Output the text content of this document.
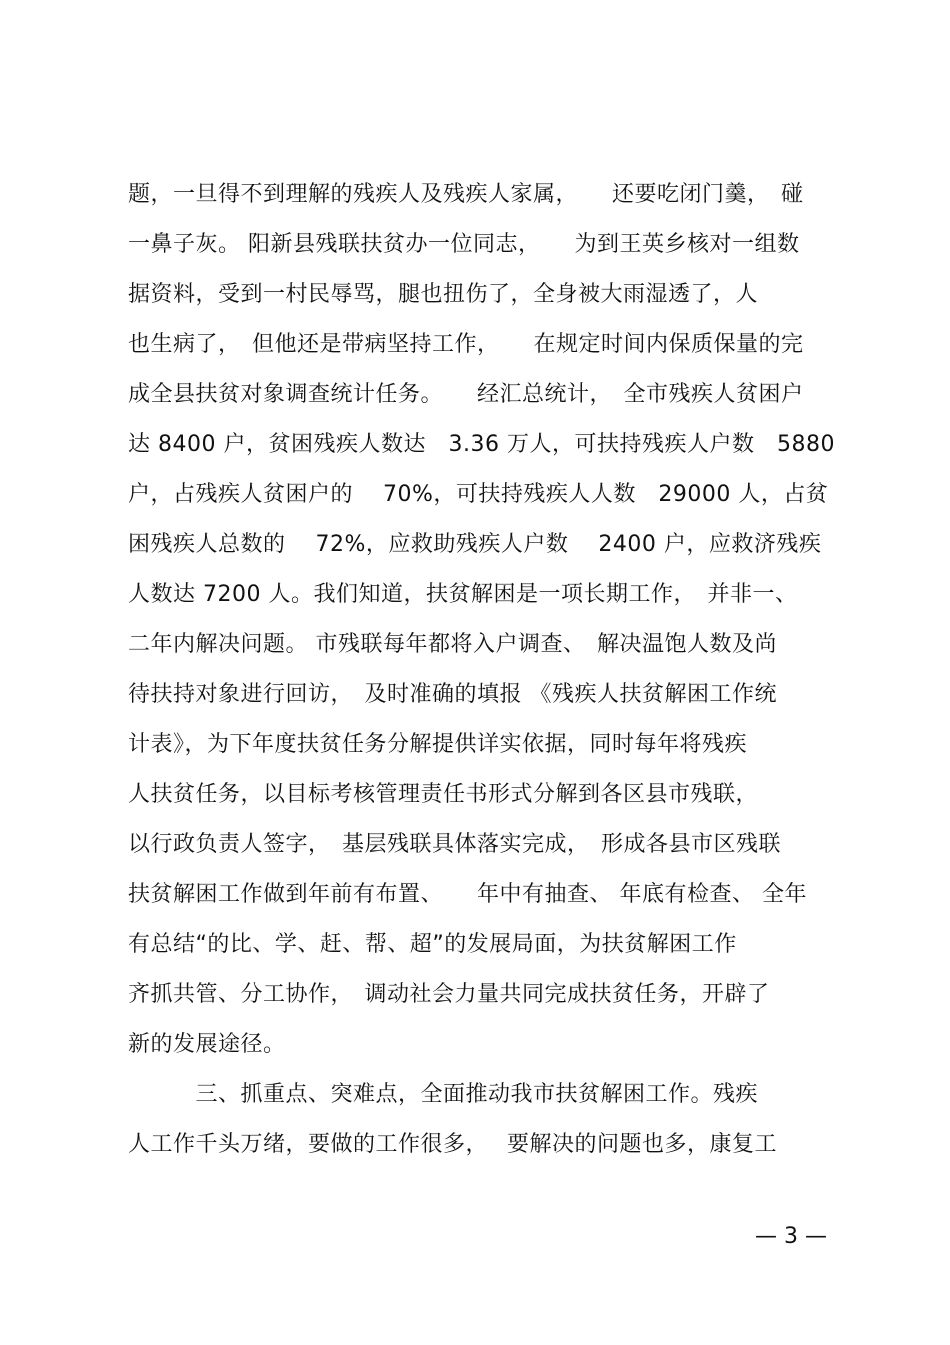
题，一旦得不到理解的残疾人及残疾人家属，　　还要吃闭门羹，　碰
一鼻子灰。 阳新县残联扶贫办一位同志，　　为到王英乡核对一组数
据资料，受到一村民辱骂，腿也扭伤了，全身被大雨湿透了，人
也生病了，　但他还是带病坚持工作，　　在规定时间内保质保量的完
成全县扶贫对象调查统计任务。　　经汇总统计，　全市残疾人贫困户
达 8400 户，贫困残疾人数达　3.36 万人，可扶持残疾人户数　5880
户，占残疾人贫困户的　 70%，可扶持残疾人人数　29000 人，占贫
困残疾人总数的　 72%，应救助残疾人户数　 2400 户，应救济残疾
人数达 7200 人。我们知道，扶贫解困是一项长期工作，　并非一、
二年内解决问题。 市残联每年都将入户调查、　解决温饱人数及尚
待扶持对象进行回访，　及时准确的填报 《残疾人扶贫解困工作统
计表》，为下年度扶贫任务分解提供详实依据，同时每年将残疾
人扶贫任务，以目标考核管理责任书形式分解到各区县市残联，
以行政负责人签字，　基层残联具体落实完成，　形成各县市区残联
扶贫解困工作做到年前有布置、　　年中有抽查、 年底有检查、 全年
有总结“的比、学、赶、帮、超”的发展局面，为扶贫解困工作
齐抓共管、分工协作，　调动社会力量共同完成扶贫任务，开辟了
新的发展途径。
　　　三、抓重点、突难点，全面推动我市扶贫解困工作。残疾
人工作千头万绪，要做的工作很多，　 要解决的问题也多，康复工
— 3 —
